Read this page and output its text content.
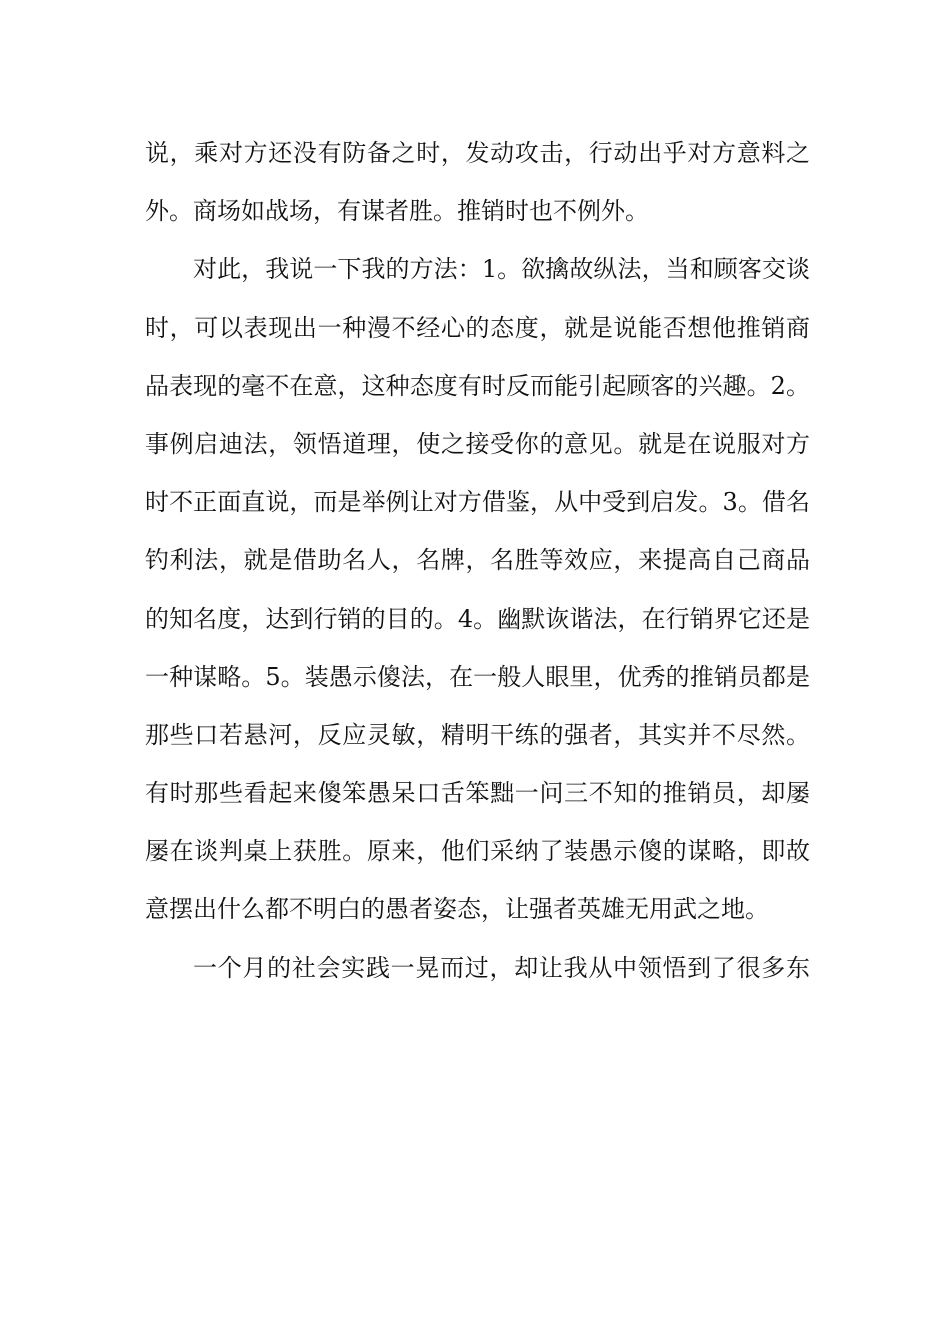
说，乘对方还没有防备之时，发动攻击，行动出乎对方意料之
外。商场如战场，有谋者胜。推销时也不例外。
对此，我说一下我的方法：1。欲擒故纵法，当和顾客交谈
时，可以表现出一种漫不经心的态度，就是说能否想他推销商
品表现的毫不在意，这种态度有时反而能引起顾客的兴趣。2。
事例启迪法，领悟道理，使之接受你的意见。就是在说服对方
时不正面直说，而是举例让对方借鉴，从中受到启发。3。借名
钓利法，就是借助名人，名牌，名胜等效应，来提高自己商品
的知名度，达到行销的目的。4。幽默诙谐法，在行销界它还是
一种谋略。5。装愚示傻法，在一般人眼里，优秀的推销员都是
那些口若悬河，反应灵敏，精明干练的强者，其实并不尽然。
有时那些看起来傻笨愚呆口舌笨黜一问三不知的推销员，却屡
屡在谈判桌上获胜。原来，他们采纳了装愚示傻的谋略，即故
意摆出什么都不明白的愚者姿态，让强者英雄无用武之地。
一个月的社会实践一晃而过，却让我从中领悟到了很多东
